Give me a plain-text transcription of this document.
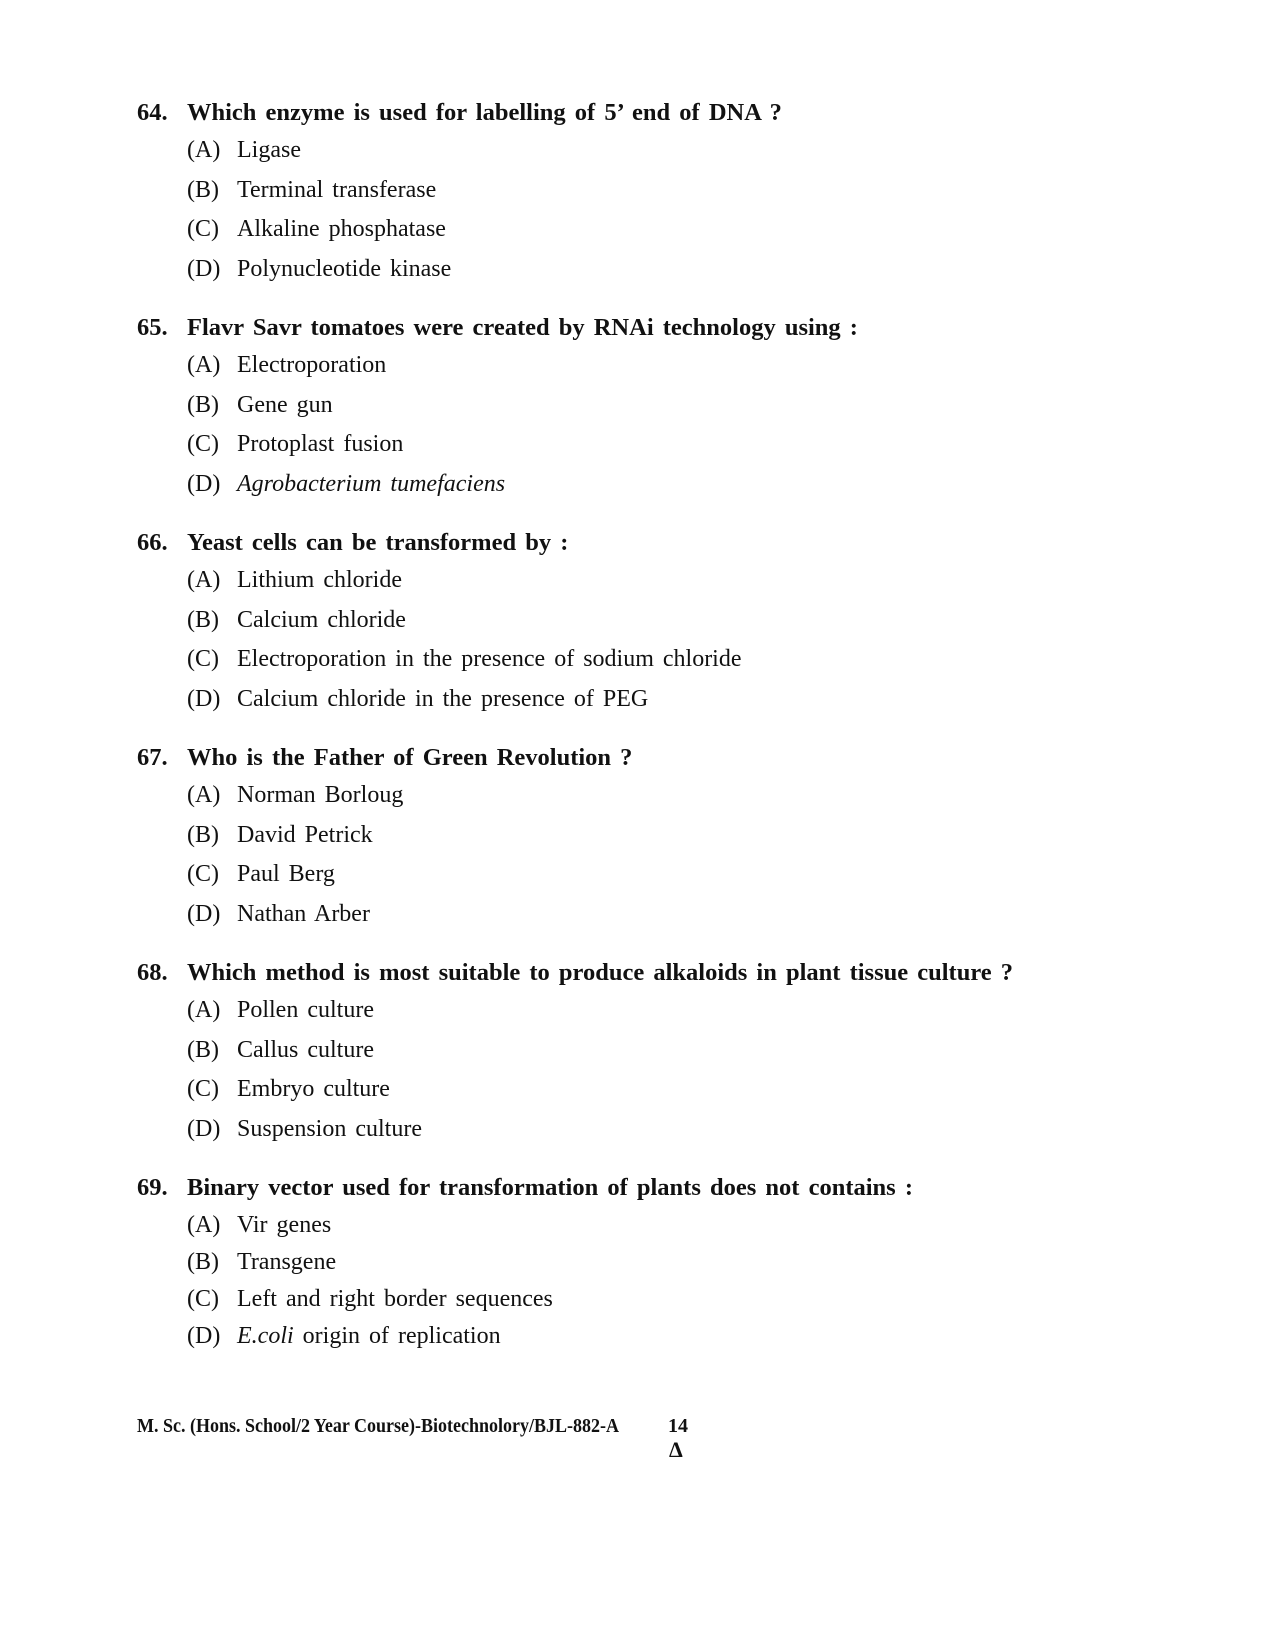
64. Which enzyme is used for labelling of 5’ end of DNA ?
(A) Ligase
(B) Terminal transferase
(C) Alkaline phosphatase
(D) Polynucleotide kinase
65. Flavr Savr tomatoes were created by RNAi technology using :
(A) Electroporation
(B) Gene gun
(C) Protoplast fusion
(D) Agrobacterium tumefaciens
66. Yeast cells can be transformed by :
(A) Lithium chloride
(B) Calcium chloride
(C) Electroporation in the presence of sodium chloride
(D) Calcium chloride in the presence of PEG
67. Who is the Father of Green Revolution ?
(A) Norman Borloug
(B) David Petrick
(C) Paul Berg
(D) Nathan Arber
68. Which method is most suitable to produce alkaloids in plant tissue culture ?
(A) Pollen culture
(B) Callus culture
(C) Embryo culture
(D) Suspension culture
69. Binary vector used for transformation of plants does not contains :
(A) Vir genes
(B) Transgene
(C) Left and right border sequences
(D) E.coli origin of replication
M. Sc. (Hons. School/2 Year Course)-Biotechnolory/BJL-882-A 14
Δ
